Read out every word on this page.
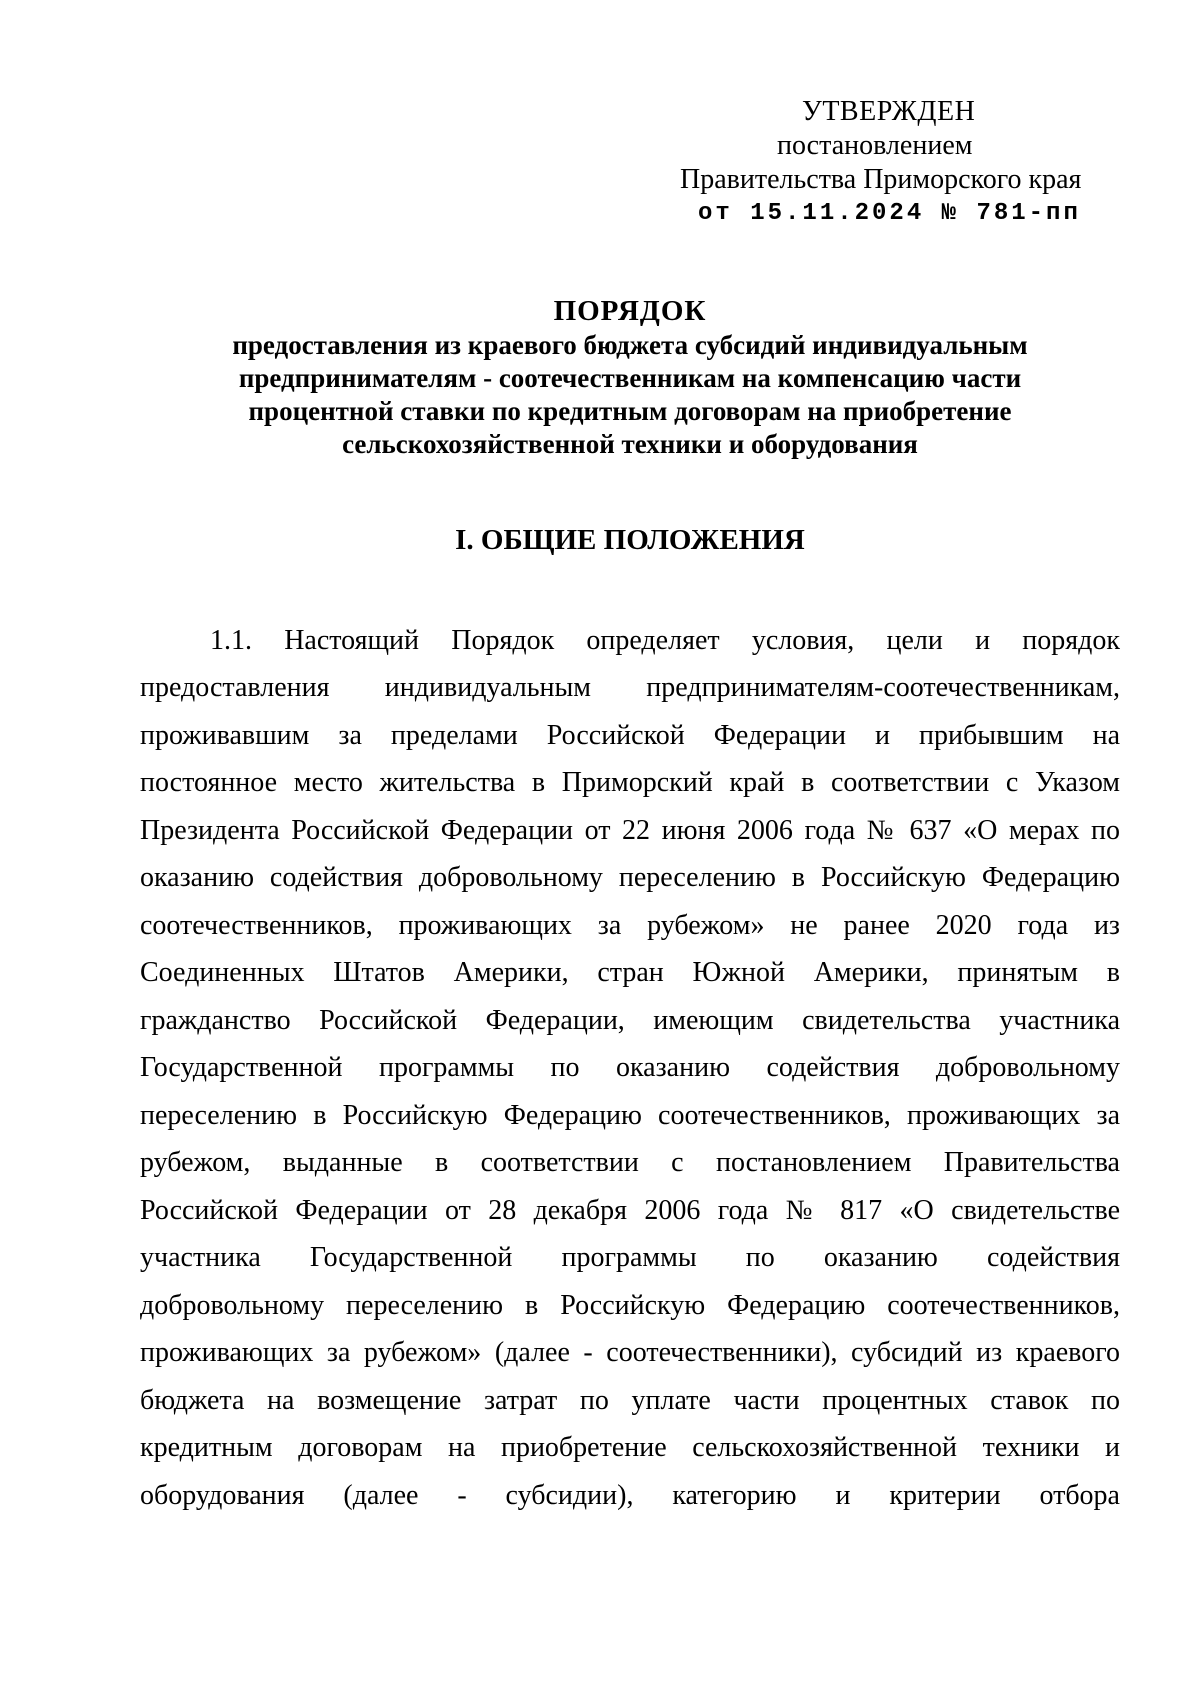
УТВЕРЖДЕН
постановлением
Правительства Приморского края
от 15.11.2024 № 781-пп
ПОРЯДОК
предоставления из краевого бюджета субсидий индивидуальным
предпринимателям - соотечественникам на компенсацию части
процентной ставки по кредитным договорам на приобретение
сельскохозяйственной техники и оборудования
I. ОБЩИЕ ПОЛОЖЕНИЯ
1.1. Настоящий Порядок определяет условия, цели и порядок
предоставления индивидуальным предпринимателям-соотечественникам,
проживавшим за пределами Российской Федерации и прибывшим на
постоянное место жительства в Приморский край в соответствии с Указом
Президента Российской Федерации от 22 июня 2006 года № 637 «О мерах по
оказанию содействия добровольному переселению в Российскую Федерацию
соотечественников, проживающих за рубежом» не ранее 2020 года из
Соединенных Штатов Америки, стран Южной Америки, принятым в
гражданство Российской Федерации, имеющим свидетельства участника
Государственной программы по оказанию содействия добровольному
переселению в Российскую Федерацию соотечественников, проживающих за
рубежом, выданные в соответствии с постановлением Правительства
Российской Федерации от 28 декабря 2006 года № 817 «О свидетельстве
участника Государственной программы по оказанию содействия
добровольному переселению в Российскую Федерацию соотечественников,
проживающих за рубежом» (далее - соотечественники), субсидий из краевого
бюджета на возмещение затрат по уплате части процентных ставок по
кредитным договорам на приобретение сельскохозяйственной техники и
оборудования (далее - субсидии), категорию и критерии отбора
